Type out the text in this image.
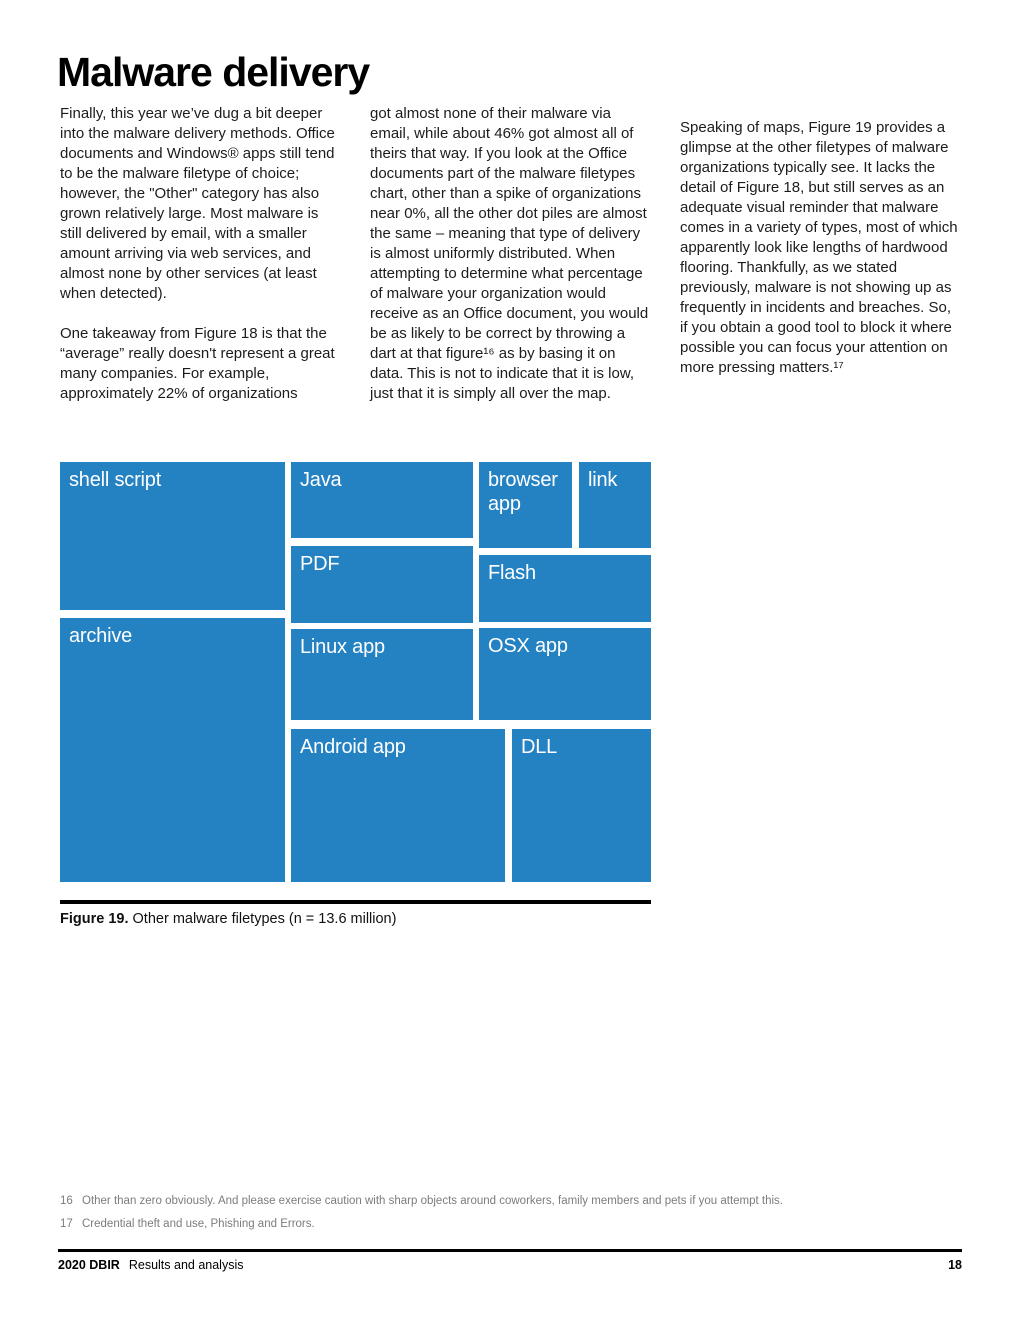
Malware delivery

Finally, this year we’ve dug a bit deeper into the malware delivery methods. Office documents and Windows® apps still tend to be the malware filetype of choice; however, the "Other" category has also grown relatively large. Most malware is still delivered by email, with a smaller amount arriving via web services, and almost none by other services (at least when detected).

One takeaway from Figure 18 is that the “average” really doesn't represent a great many companies. For example, approximately 22% of organizations

got almost none of their malware via email, while about 46% got almost all of theirs that way. If you look at the Office documents part of the malware filetypes chart, other than a spike of organizations near 0%, all the other dot piles are almost the same – meaning that type of delivery is almost uniformly distributed. When attempting to determine what percentage of malware your organization would receive as an Office document, you would be as likely to be correct by throwing a dart at that figure¹⁶ as by basing it on data. This is not to indicate that it is low, just that it is simply all over the map.

Speaking of maps, Figure 19 provides a glimpse at the other filetypes of malware organizations typically see. It lacks the detail of Figure 18, but still serves as an adequate visual reminder that malware comes in a variety of types, most of which apparently look like lengths of hardwood flooring. Thankfully, as we stated previously, malware is not showing up as frequently in incidents and breaches. So, if you obtain a good tool to block it where possible you can focus your attention on more pressing matters.¹⁷

shell script
archive
Java
PDF
Linux app
Android app
browser app
link
Flash
OSX app
DLL
Figure 19. Other malware filetypes (n = 13.6 million)
16 Other than zero obviously. And please exercise caution with sharp objects around coworkers, family members and pets if you attempt this.
17 Credential theft and use, Phishing and Errors.
2020 DBIR Results and analysis	18
